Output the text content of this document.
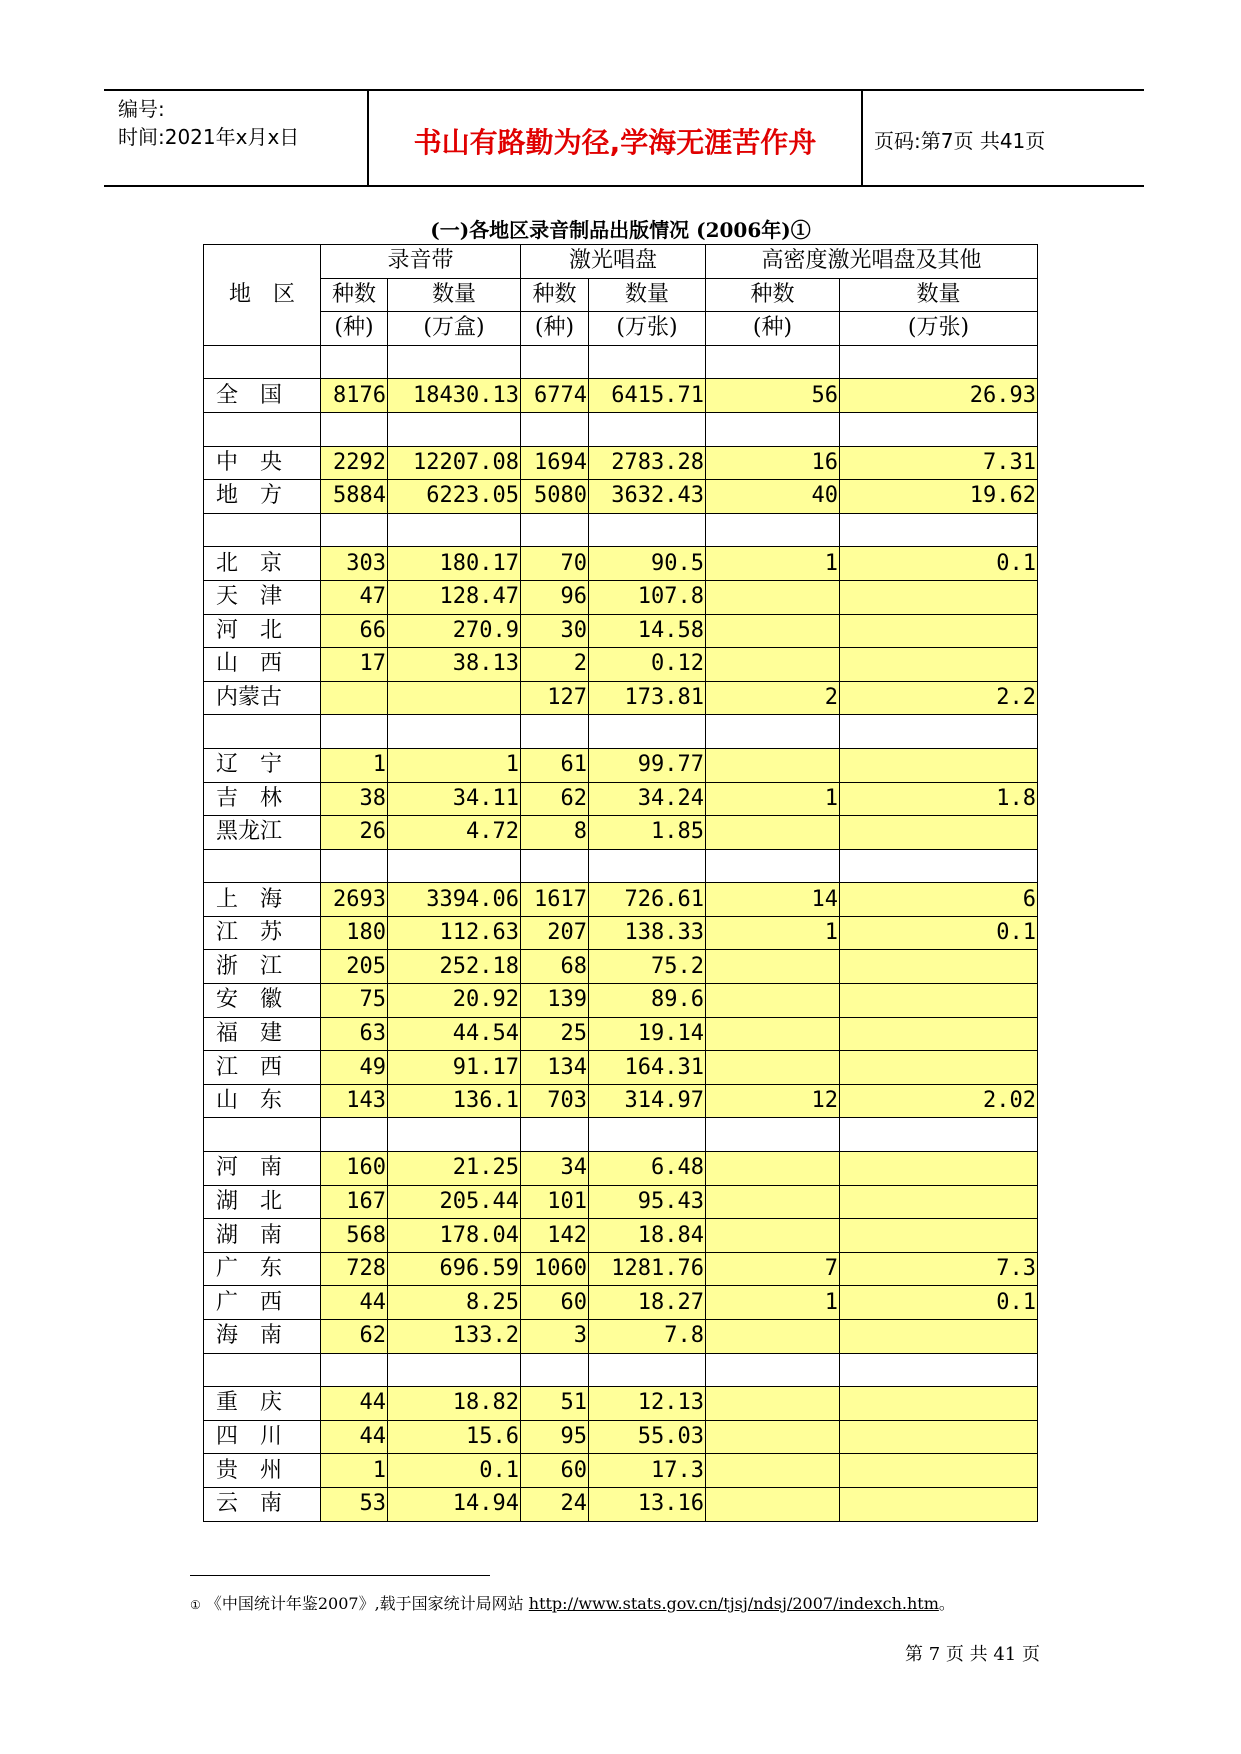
编号:
时间:2021年x月x日	书山有路勤为径,学海无涯苦作舟	页码:第7页 共41页
(一)各地区录音制品出版情况 (2006年)①
地　区	录音带		激光唱盘		高密度激光唱盘及其他	
	种数	数量	种数	数量	种数	数量
	(种)	(万盒)	(种)	(万张)	(种)	(万张)

全　国	8176	18430.13	6774	6415.71	56	26.93

中　央	2292	12207.08	1694	2783.28	16	7.31
地　方	5884	6223.05	5080	3632.43	40	19.62

北　京	303	180.17	70	90.5	1	0.1
天　津	47	128.47	96	107.8		
河　北	66	270.9	30	14.58		
山　西	17	38.13	2	0.12		
内蒙古			127	173.81	2	2.2

辽　宁	1	1	61	99.77		
吉　林	38	34.11	62	34.24	1	1.8
黑龙江	26	4.72	8	1.85		

上　海	2693	3394.06	1617	726.61	14	6
江　苏	180	112.63	207	138.33	1	0.1
浙　江	205	252.18	68	75.2		
安　徽	75	20.92	139	89.6		
福　建	63	44.54	25	19.14		
江　西	49	91.17	134	164.31		
山　东	143	136.1	703	314.97	12	2.02

河　南	160	21.25	34	6.48		
湖　北	167	205.44	101	95.43		
湖　南	568	178.04	142	18.84		
广　东	728	696.59	1060	1281.76	7	7.3
广　西	44	8.25	60	18.27	1	0.1
海　南	62	133.2	3	7.8		

重　庆	44	18.82	51	12.13		
四　川	44	15.6	95	55.03		
贵　州	1	0.1	60	17.3		
云　南	53	14.94	24	13.16		
① 《中国统计年鉴2007》,载于国家统计局网站 http://www.stats.gov.cn/tjsj/ndsj/2007/indexch.htm。
第 7 页 共 41 页
